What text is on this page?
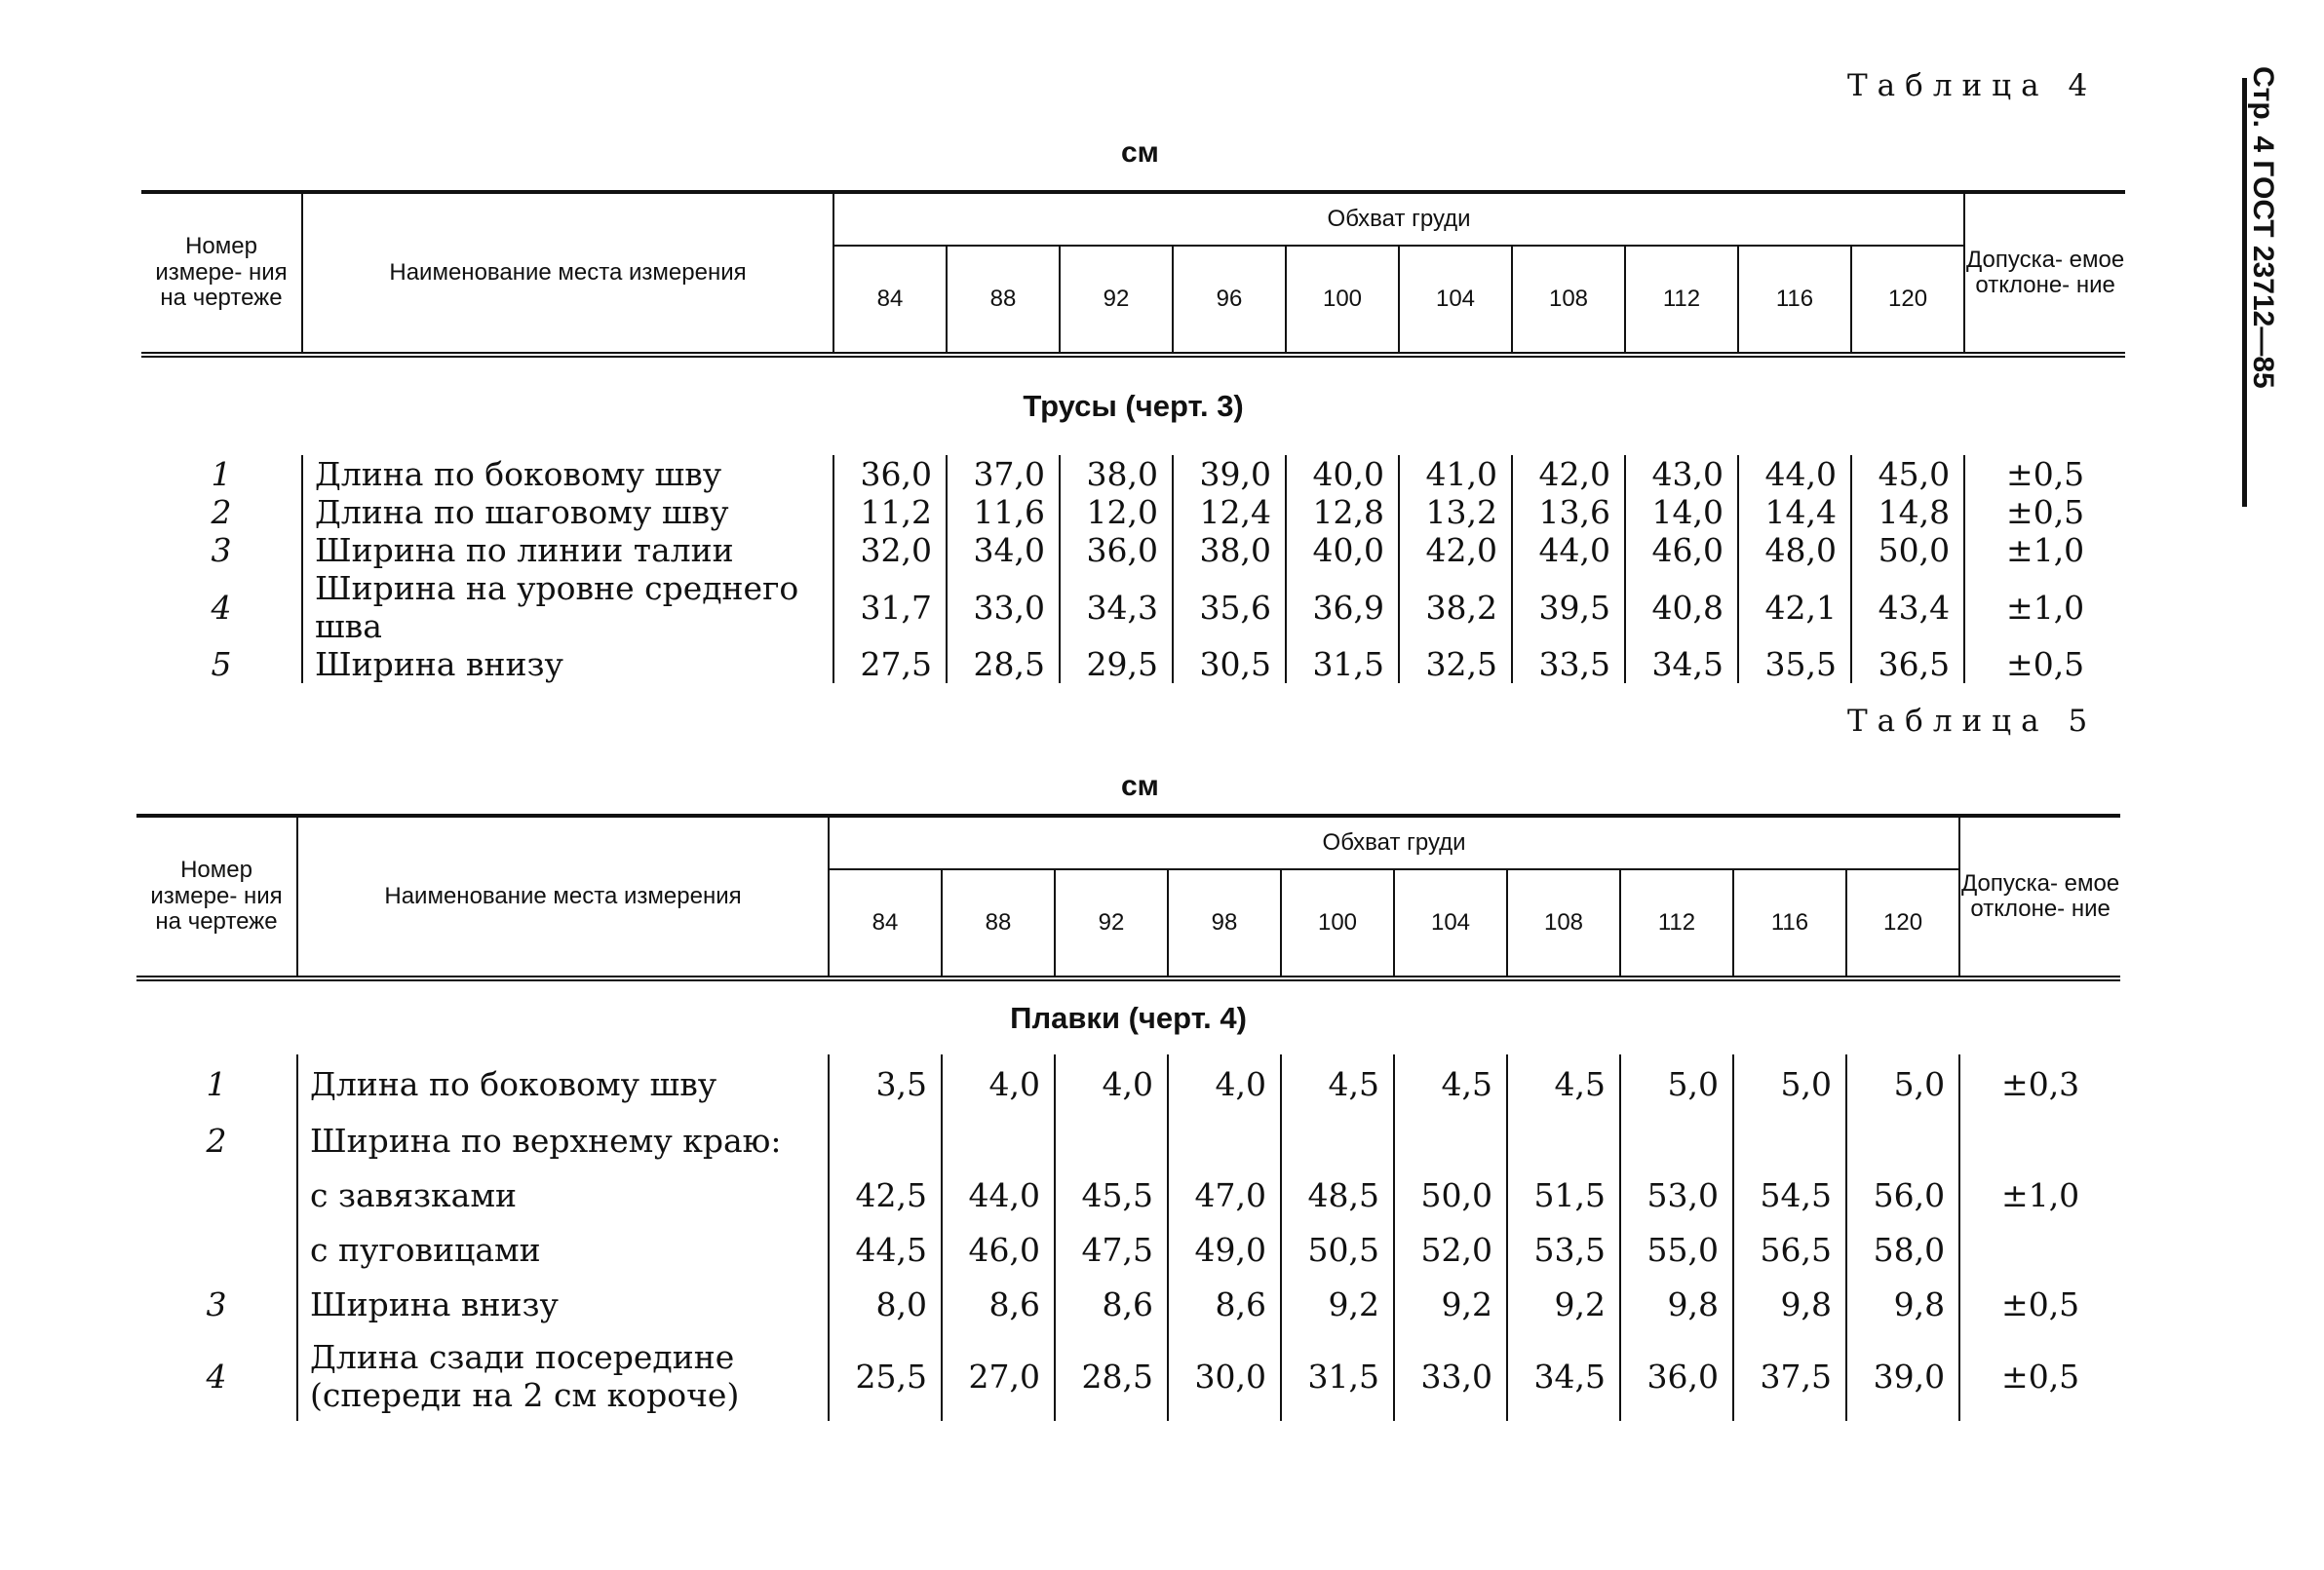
Стр. 4 ГОСТ 23712—85
Таблица 4
см
Номер измере- ния на чертеже	Наименование места измерения	Обхват груди										Допуска- емое отклоне- ние
		84	88	92	96	100	104	108	112	116	120	
Трусы (черт. 3)												
1	Длина по боковому шву	36,0	37,0	38,0	39,0	40,0	41,0	42,0	43,0	44,0	45,0	±0,5
2	Длина по шаговому шву	11,2	11,6	12,0	12,4	12,8	13,2	13,6	14,0	14,4	14,8	±0,5
3	Ширина по линии талии	32,0	34,0	36,0	38,0	40,0	42,0	44,0	46,0	48,0	50,0	±1,0
4	Ширина на уровне среднего шва	31,7	33,0	34,3	35,6	36,9	38,2	39,5	40,8	42,1	43,4	±1,0
5	Ширина внизу	27,5	28,5	29,5	30,5	31,5	32,5	33,5	34,5	35,5	36,5	±0,5
Таблица 5
см
Номер измере- ния на чертеже	Наименование места измерения	Обхват груди										Допуска- емое отклоне- ние
		84	88	92	98	100	104	108	112	116	120	
Плавки (черт. 4)												
1	Длина по боковому шву	3,5	4,0	4,0	4,0	4,5	4,5	4,5	5,0	5,0	5,0	±0,3
2	Ширина по верхнему краю:											
	с завязками	42,5	44,0	45,5	47,0	48,5	50,0	51,5	53,0	54,5	56,0	±1,0
	с пуговицами	44,5	46,0	47,5	49,0	50,5	52,0	53,5	55,0	56,5	58,0	
3	Ширина внизу	8,0	8,6	8,6	8,6	9,2	9,2	9,2	9,8	9,8	9,8	±0,5
4	Длина сзади посередине (спереди на 2 см короче)	25,5	27,0	28,5	30,0	31,5	33,0	34,5	36,0	37,5	39,0	±0,5
